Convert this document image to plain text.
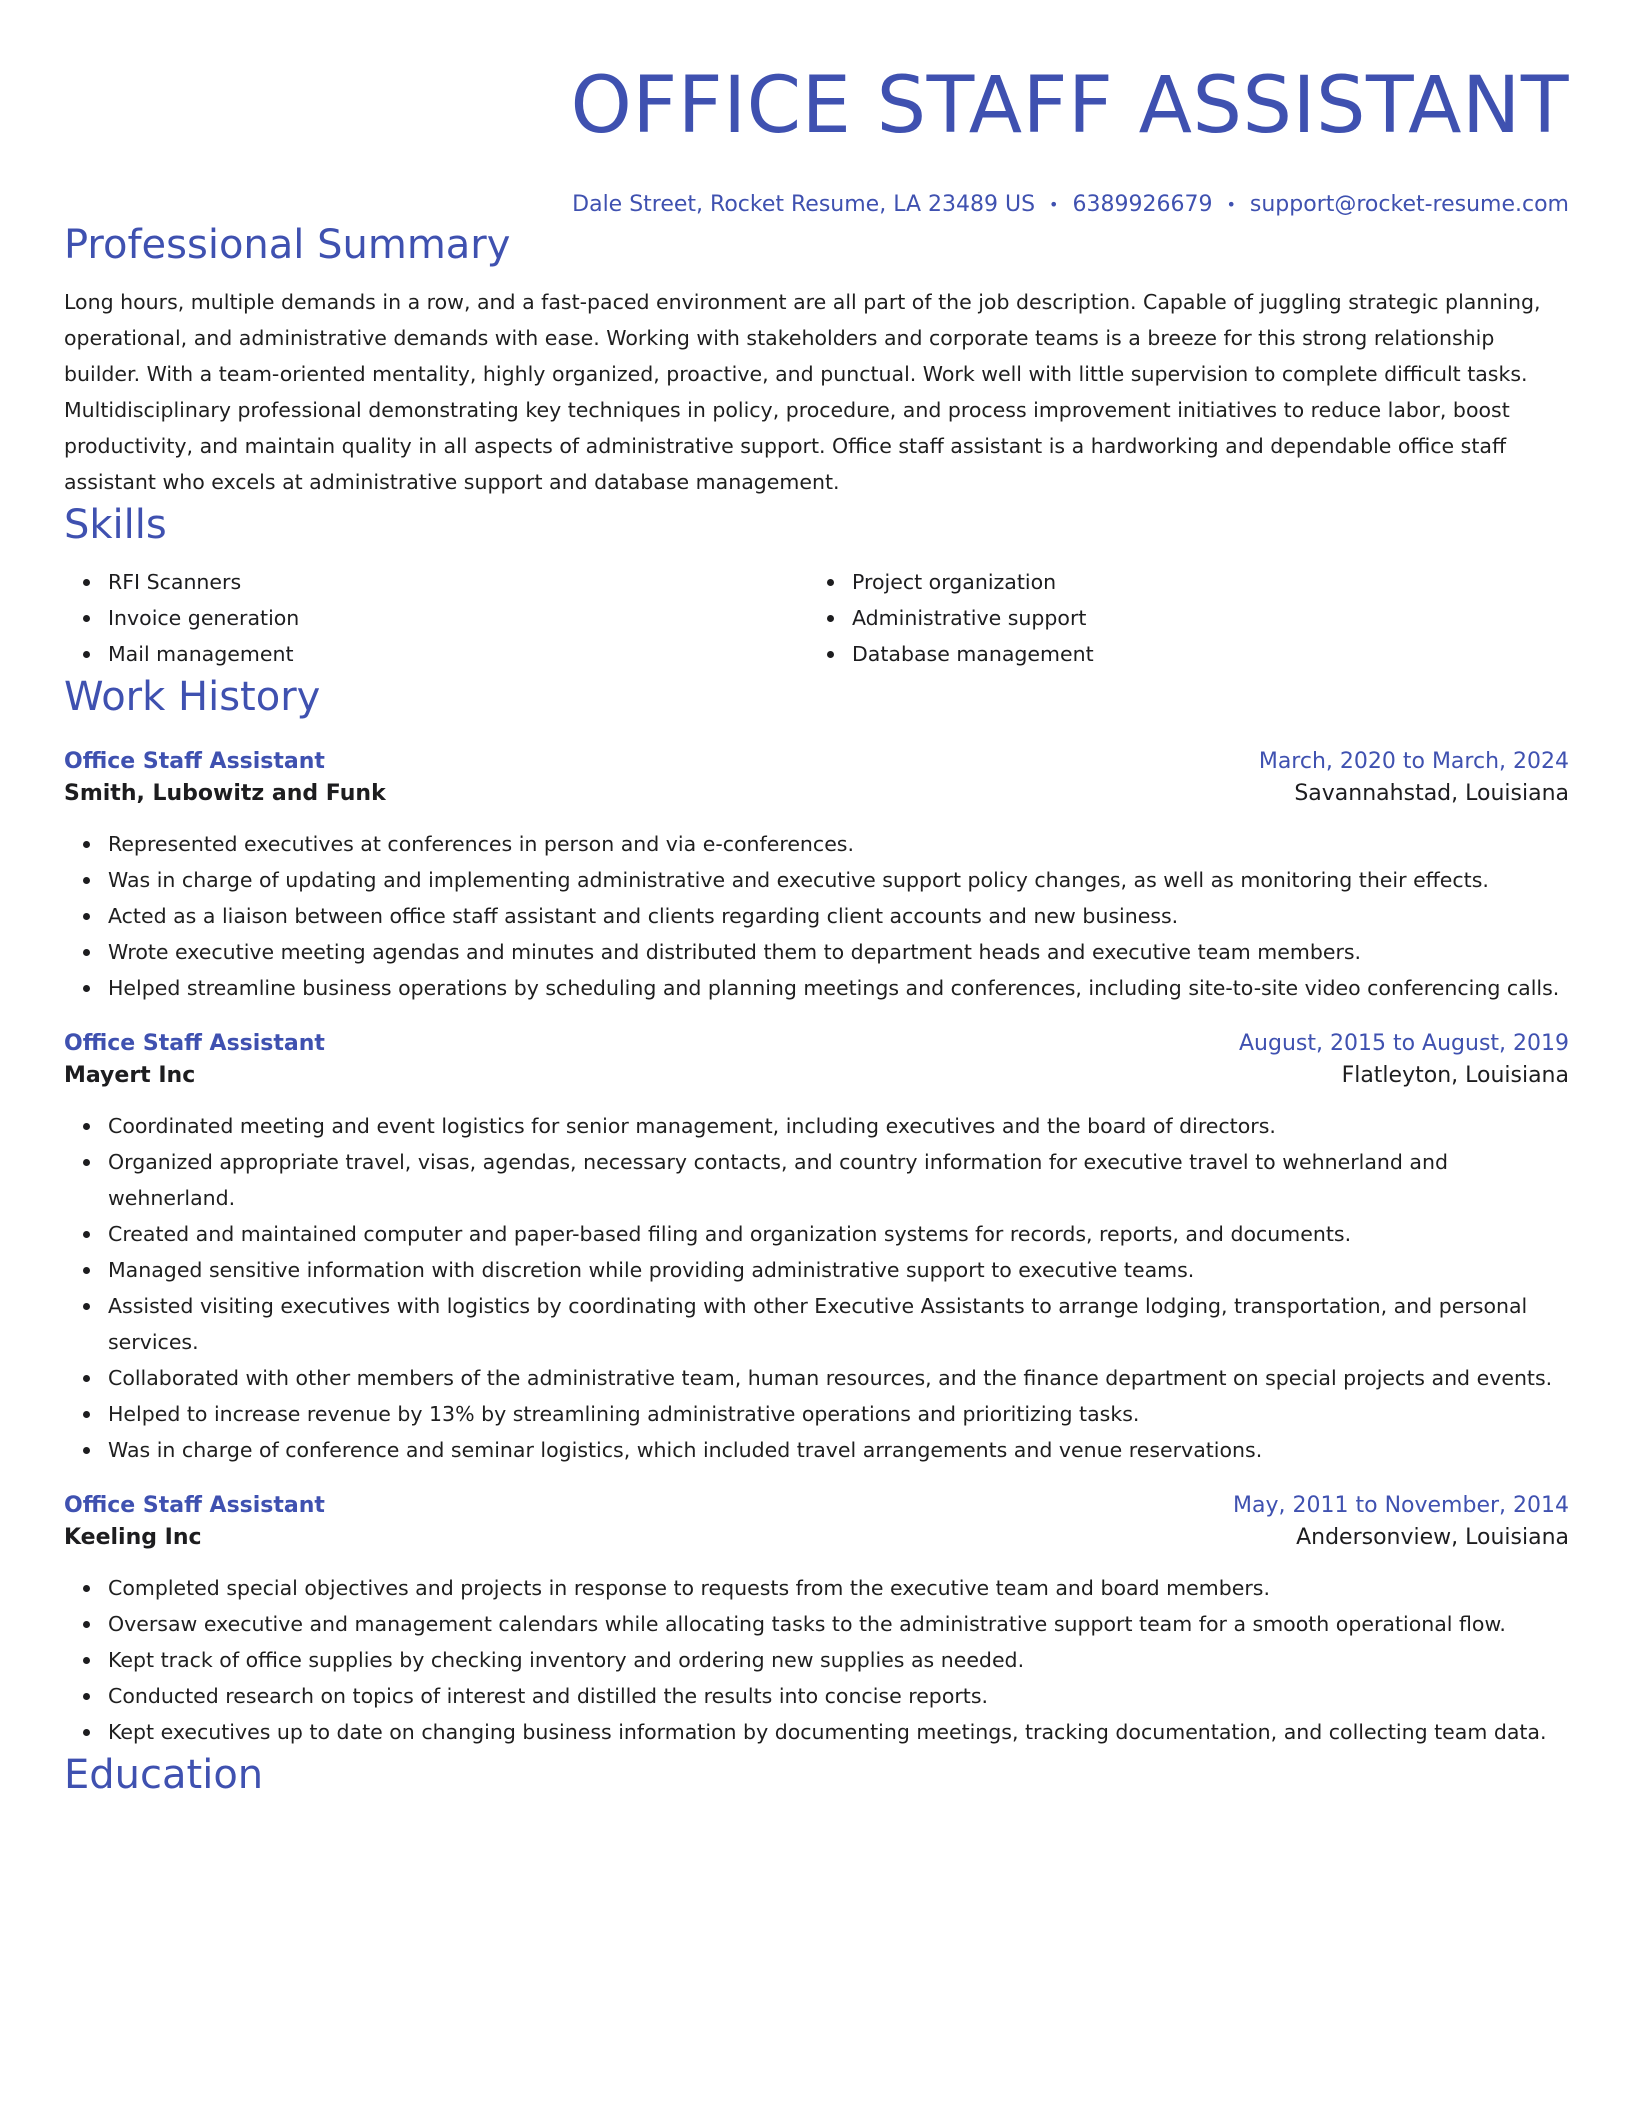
OFFICE STAFF ASSISTANT
Dale Street, Rocket Resume, LA 23489 US • 6389926679 • support@rocket-resume.com
Professional Summary

Long hours, multiple demands in a row, and a fast-paced environment are all part of the job description. Capable of juggling strategic planning, operational, and administrative demands with ease. Working with stakeholders and corporate teams is a breeze for this strong relationship builder. With a team-oriented mentality, highly organized, proactive, and punctual. Work well with little supervision to complete difficult tasks. Multidisciplinary professional demonstrating key techniques in policy, procedure, and process improvement initiatives to reduce labor, boost productivity, and maintain quality in all aspects of administrative support. Office staff assistant is a hardworking and dependable office staff assistant who excels at administrative support and database management.

Skills
RFI Scanners
Invoice generation
Mail management
Project organization
Administrative support
Database management
Work History
Office Staff Assistant	March, 2020 to March, 2024
Smith, Lubowitz and Funk	Savannahstad, Louisiana
Represented executives at conferences in person and via e-conferences.
Was in charge of updating and implementing administrative and executive support policy changes, as well as monitoring their effects.
Acted as a liaison between office staff assistant and clients regarding client accounts and new business.
Wrote executive meeting agendas and minutes and distributed them to department heads and executive team members.
Helped streamline business operations by scheduling and planning meetings and conferences, including site-to-site video conferencing calls.
Office Staff Assistant	August, 2015 to August, 2019
Mayert Inc	Flatleyton, Louisiana
Coordinated meeting and event logistics for senior management, including executives and the board of directors.
Organized appropriate travel, visas, agendas, necessary contacts, and country information for executive travel to wehnerland and wehnerland.
Created and maintained computer and paper-based filing and organization systems for records, reports, and documents.
Managed sensitive information with discretion while providing administrative support to executive teams.
Assisted visiting executives with logistics by coordinating with other Executive Assistants to arrange lodging, transportation, and personal services.
Collaborated with other members of the administrative team, human resources, and the finance department on special projects and events.
Helped to increase revenue by 13% by streamlining administrative operations and prioritizing tasks.
Was in charge of conference and seminar logistics, which included travel arrangements and venue reservations.
Office Staff Assistant	May, 2011 to November, 2014
Keeling Inc	Andersonview, Louisiana
Completed special objectives and projects in response to requests from the executive team and board members.
Oversaw executive and management calendars while allocating tasks to the administrative support team for a smooth operational flow.
Kept track of office supplies by checking inventory and ordering new supplies as needed.
Conducted research on topics of interest and distilled the results into concise reports.
Kept executives up to date on changing business information by documenting meetings, tracking documentation, and collecting team data.
Education
